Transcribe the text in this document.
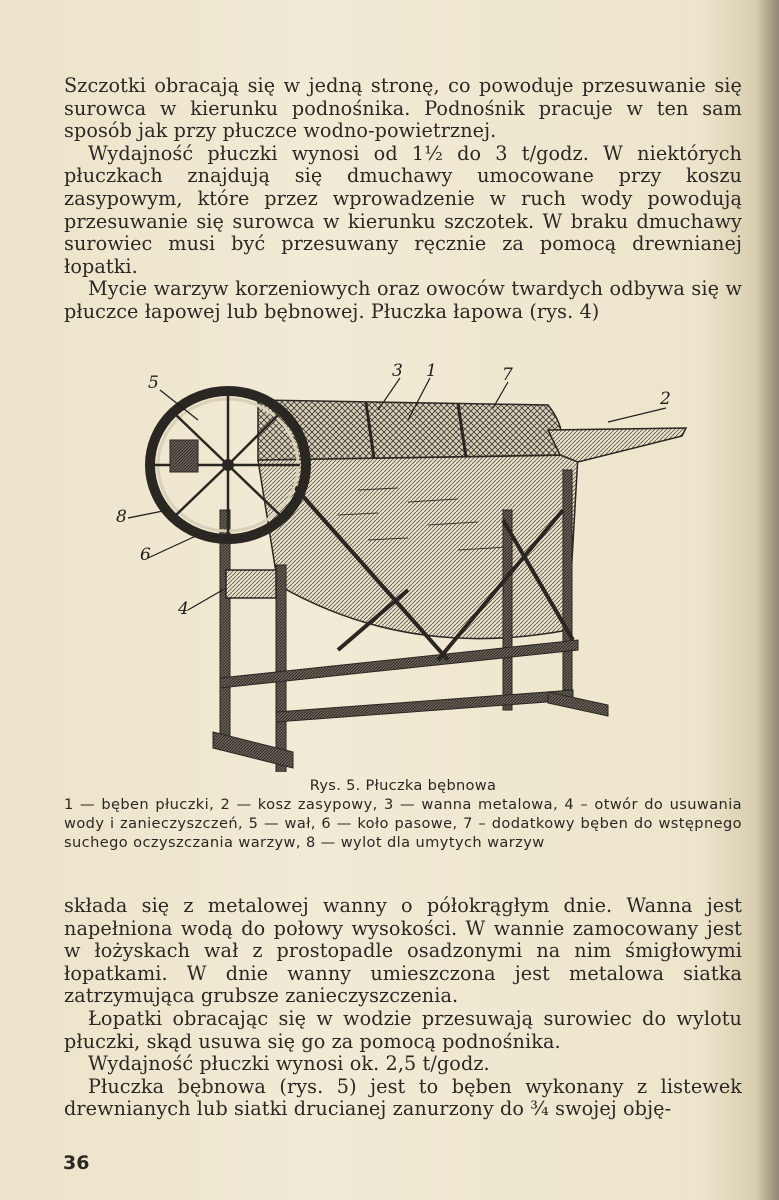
Szczotki obracają się w jedną stronę, co powoduje przesuwanie się surowca w kierunku podnośnika. Podnośnik pracuje w ten sam sposób jak przy płuczce wodno-powietrznej.

Wydajność płuczki wynosi od 1½ do 3 t/godz. W niektórych płuczkach znajdują się dmuchawy umocowane przy koszu zasypowym, które przez wprowadzenie w ruch wody powodują przesuwanie się surowca w kierunku szczotek. W braku dmuchawy surowiec musi być przesuwany ręcznie za pomocą drewnianej łopatki.

Mycie warzyw korzeniowych oraz owoców twardych odbywa się w płuczce łapowej lub bębnowej. Płuczka łapowa (rys. 4)

5
3 1	7
2
8
6
4
Rys. 5. Płuczka bębnowa
1 — bęben płuczki, 2 — kosz zasypowy, 3 — wanna metalowa, 4 – otwór do usuwania wody i zanieczyszczeń, 5 — wał, 6 — koło pasowe, 7 – dodatkowy bęben do wstępnego suchego oczyszczania warzyw, 8 — wylot dla umytych warzyw

składa się z metalowej wanny o półokrągłym dnie. Wanna jest napełniona wodą do połowy wysokości. W wannie zamocowany jest w łożyskach wał z prostopadle osadzonymi na nim śmigłowymi łopatkami. W dnie wanny umieszczona jest metalowa siatka zatrzymująca grubsze zanieczyszczenia.

Łopatki obracając się w wodzie przesuwają surowiec do wylotu płuczki, skąd usuwa się go za pomocą podnośnika.

Wydajność płuczki wynosi ok. 2,5 t/godz.

Płuczka bębnowa (rys. 5) jest to bęben wykonany z listewek drewnianych lub siatki drucianej zanurzony do ¾ swojej obję-

36
